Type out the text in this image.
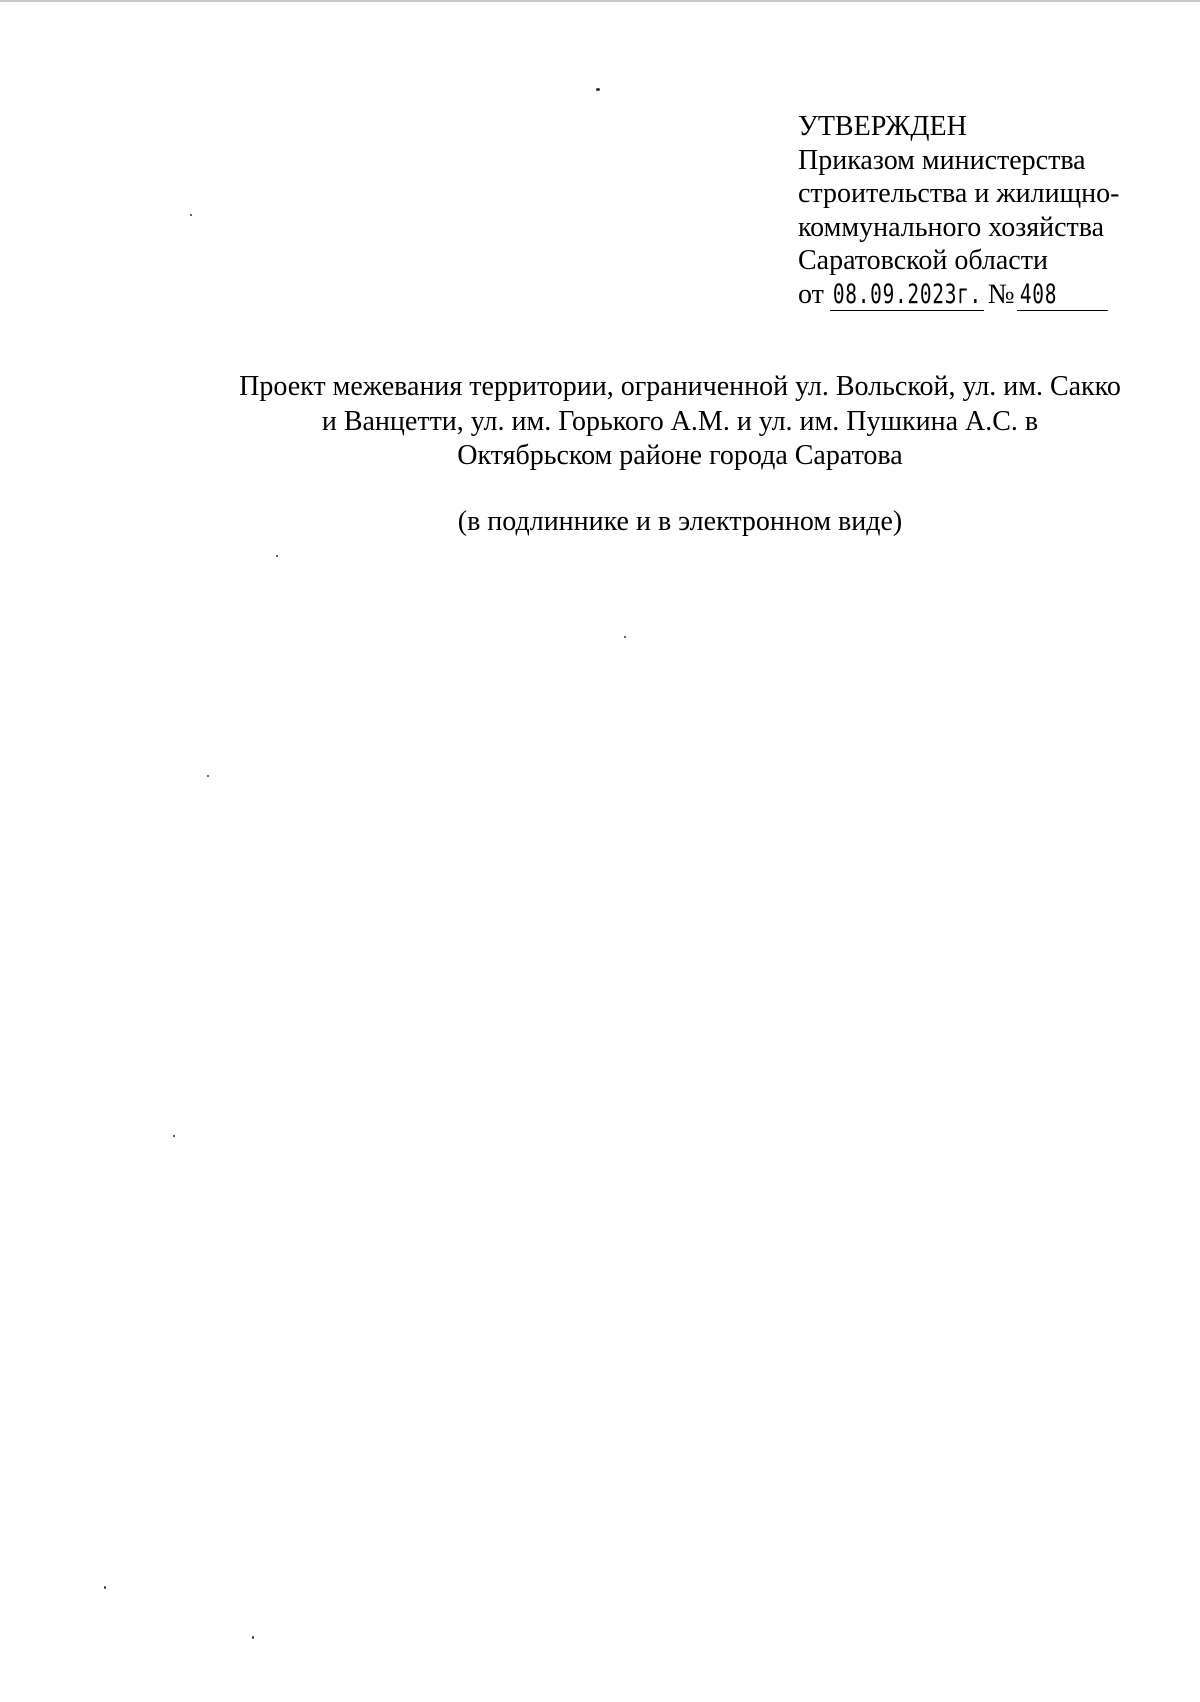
УТВЕРЖДЕН
Приказом министерства
строительства и жилищно-
коммунального хозяйства
Саратовской области
от 08.09.2023г. № 408
Проект межевания территории, ограниченной ул. Вольской, ул. им. Сакко
и Ванцетти, ул. им. Горького А.М. и ул. им. Пушкина А.С. в
Октябрьском районе города Саратова
(в подлиннике и в электронном виде)
